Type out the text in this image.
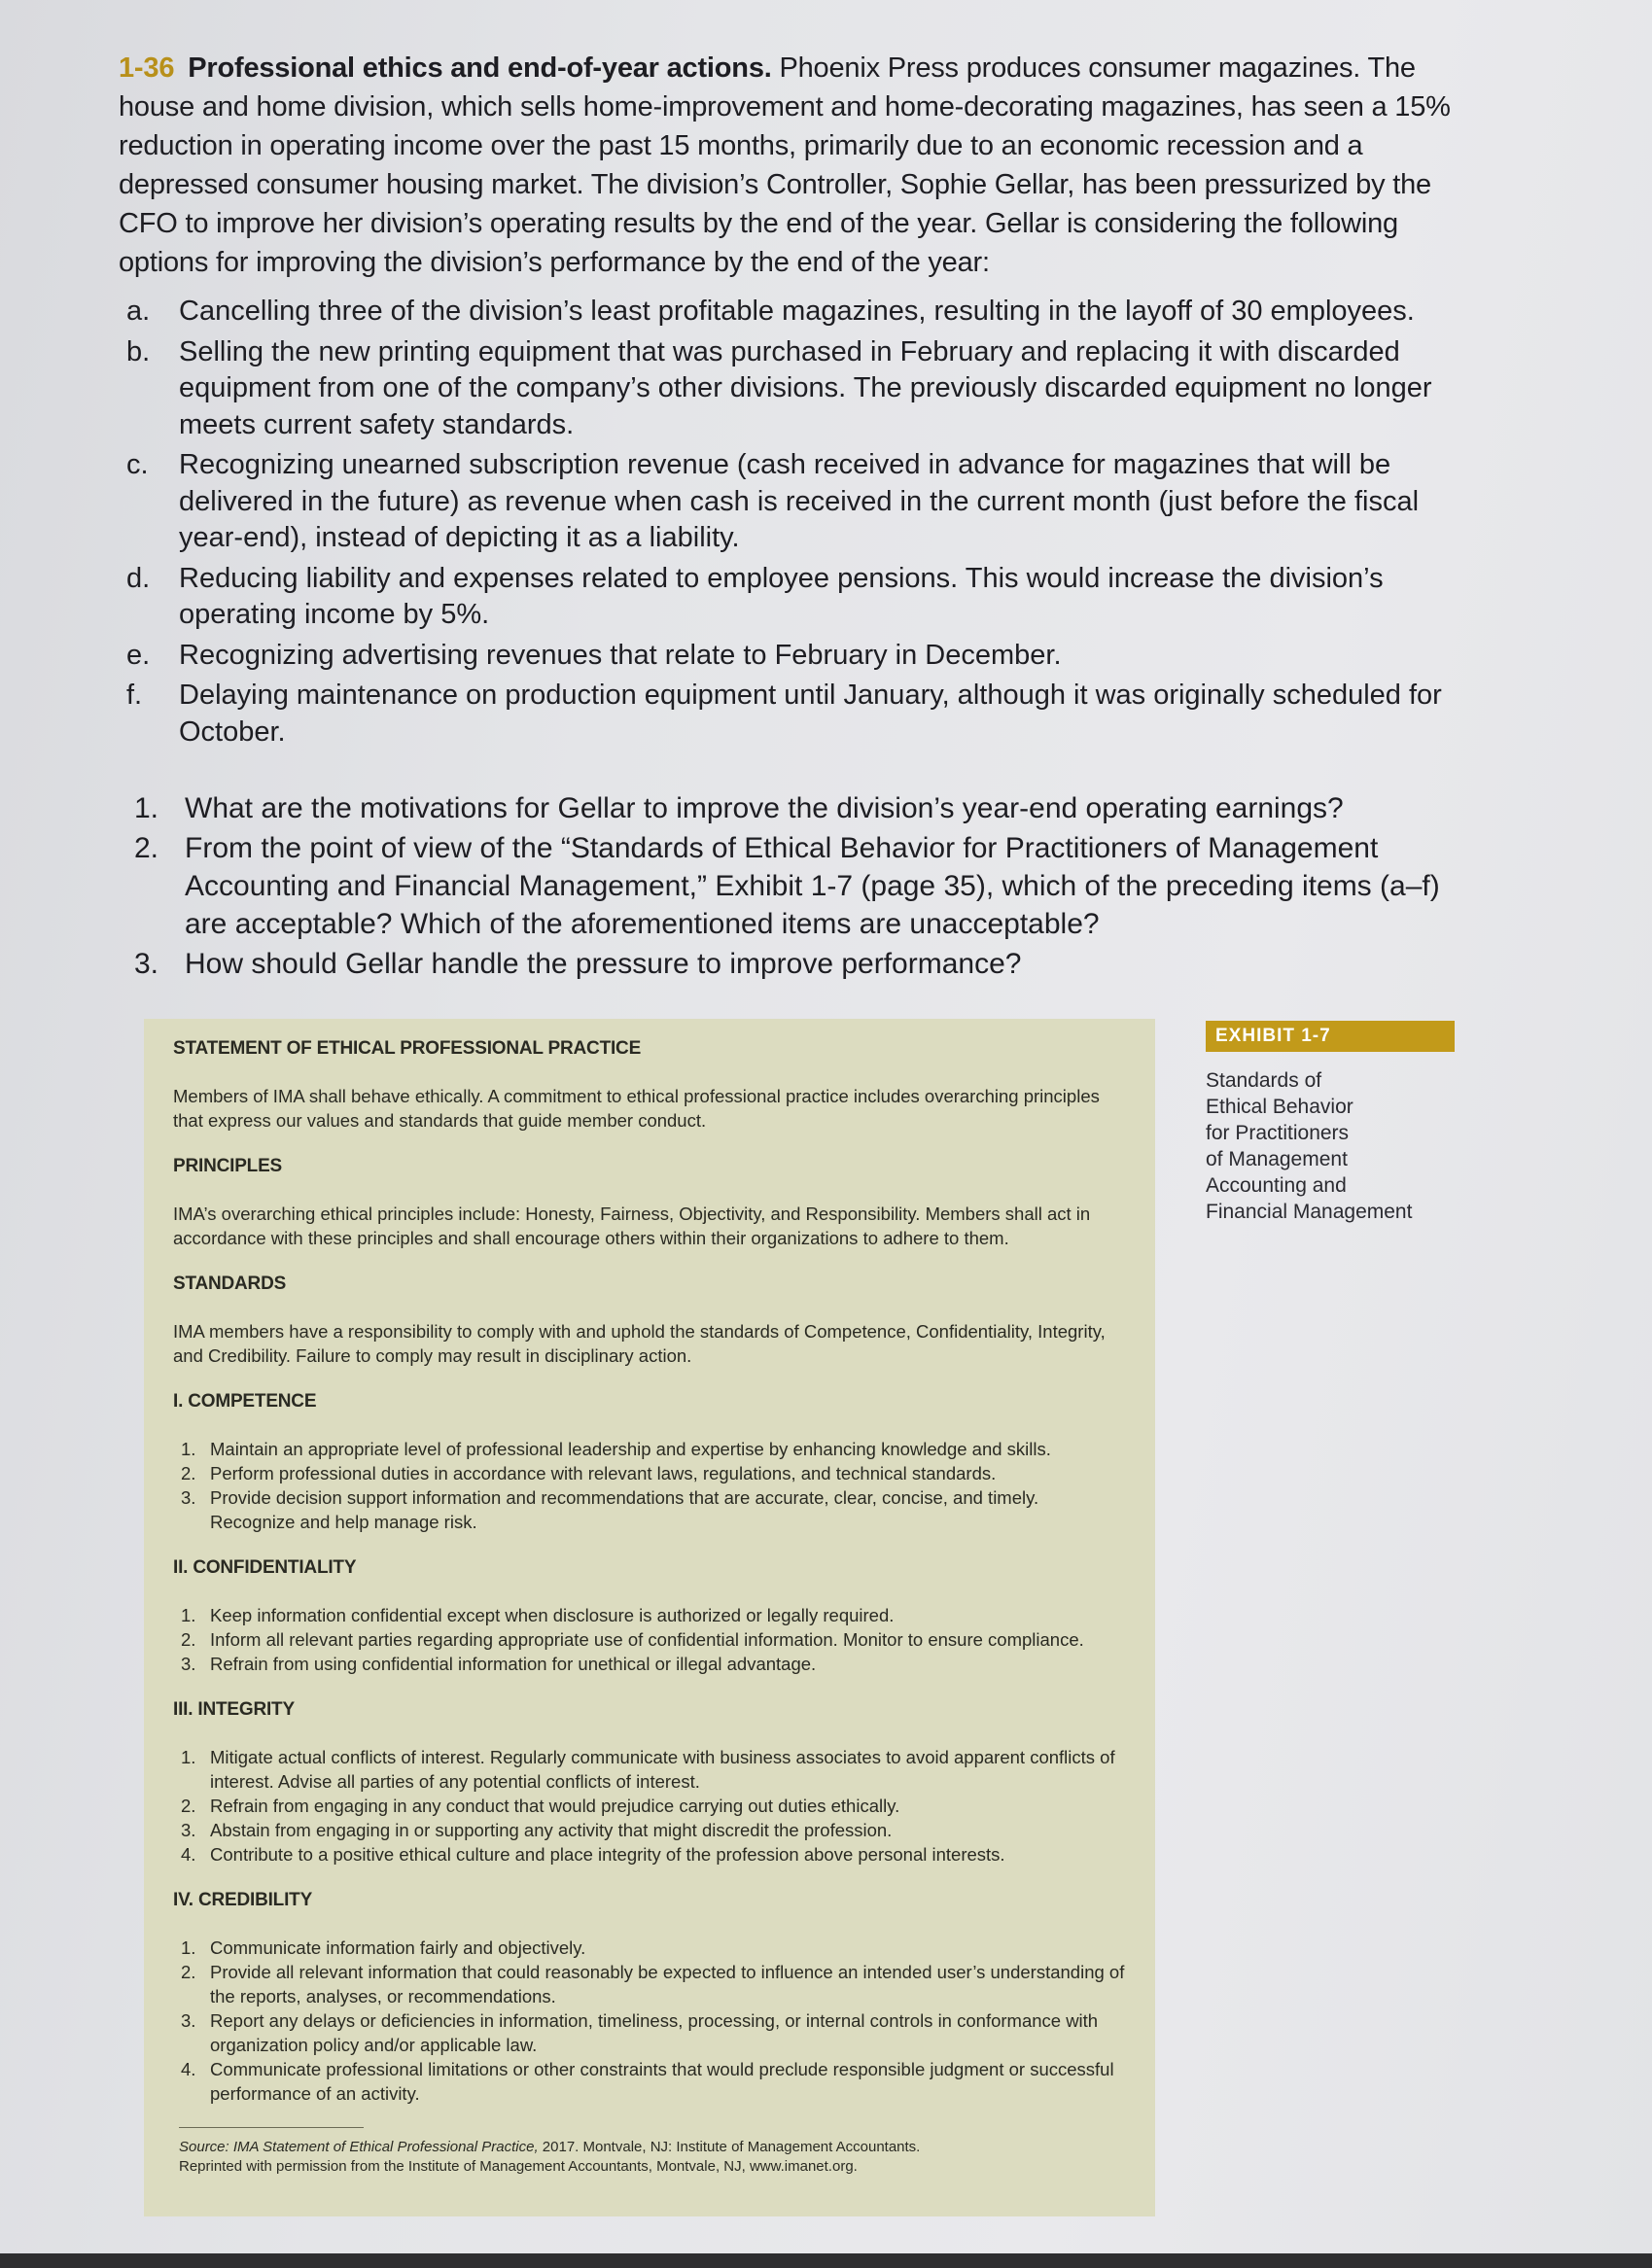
1-36 Professional ethics and end-of-year actions. Phoenix Press produces consumer magazines. The house and home division, which sells home-improvement and home-decorating magazines, has seen a 15% reduction in operating income over the past 15 months, primarily due to an economic recession and a depressed consumer housing market. The division’s Controller, Sophie Gellar, has been pressurized by the CFO to improve her division’s operating results by the end of the year. Gellar is considering the following options for improving the division’s performance by the end of the year:
a. Cancelling three of the division’s least profitable magazines, resulting in the layoff of 30 employees.
b. Selling the new printing equipment that was purchased in February and replacing it with discarded equipment from one of the company’s other divisions. The previously discarded equipment no longer meets current safety standards.
c. Recognizing unearned subscription revenue (cash received in advance for magazines that will be delivered in the future) as revenue when cash is received in the current month (just before the fiscal year-end), instead of depicting it as a liability.
d. Reducing liability and expenses related to employee pensions. This would increase the division’s operating income by 5%.
e. Recognizing advertising revenues that relate to February in December.
f. Delaying maintenance on production equipment until January, although it was originally scheduled for October.
1. What are the motivations for Gellar to improve the division’s year-end operating earnings?
2. From the point of view of the “Standards of Ethical Behavior for Practitioners of Management Accounting and Financial Management,” Exhibit 1-7 (page 35), which of the preceding items (a–f) are acceptable? Which of the aforementioned items are unacceptable?
3. How should Gellar handle the pressure to improve performance?
STATEMENT OF ETHICAL PROFESSIONAL PRACTICE

Members of IMA shall behave ethically. A commitment to ethical professional practice includes overarching principles that express our values and standards that guide member conduct.

PRINCIPLES

IMA’s overarching ethical principles include: Honesty, Fairness, Objectivity, and Responsibility. Members shall act in accordance with these principles and shall encourage others within their organizations to adhere to them.

STANDARDS

IMA members have a responsibility to comply with and uphold the standards of Competence, Confidentiality, Integrity, and Credibility. Failure to comply may result in disciplinary action.

I. COMPETENCE
1. Maintain an appropriate level of professional leadership and expertise by enhancing knowledge and skills.
2. Perform professional duties in accordance with relevant laws, regulations, and technical standards.
3. Provide decision support information and recommendations that are accurate, clear, concise, and timely. Recognize and help manage risk.
II. CONFIDENTIALITY
1. Keep information confidential except when disclosure is authorized or legally required.
2. Inform all relevant parties regarding appropriate use of confidential information. Monitor to ensure compliance.
3. Refrain from using confidential information for unethical or illegal advantage.
III. INTEGRITY
1. Mitigate actual conflicts of interest. Regularly communicate with business associates to avoid apparent conflicts of interest. Advise all parties of any potential conflicts of interest.
2. Refrain from engaging in any conduct that would prejudice carrying out duties ethically.
3. Abstain from engaging in or supporting any activity that might discredit the profession.
4. Contribute to a positive ethical culture and place integrity of the profession above personal interests.
IV. CREDIBILITY
1. Communicate information fairly and objectively.
2. Provide all relevant information that could reasonably be expected to influence an intended user’s understanding of the reports, analyses, or recommendations.
3. Report any delays or deficiencies in information, timeliness, processing, or internal controls in conformance with organization policy and/or applicable law.
4. Communicate professional limitations or other constraints that would preclude responsible judgment or successful performance of an activity.
Source: IMA Statement of Ethical Professional Practice, 2017. Montvale, NJ: Institute of Management Accountants.
Reprinted with permission from the Institute of Management Accountants, Montvale, NJ, www.imanet.org.
EXHIBIT 1-7
Standards of
Ethical Behavior
for Practitioners
of Management
Accounting and
Financial Management
